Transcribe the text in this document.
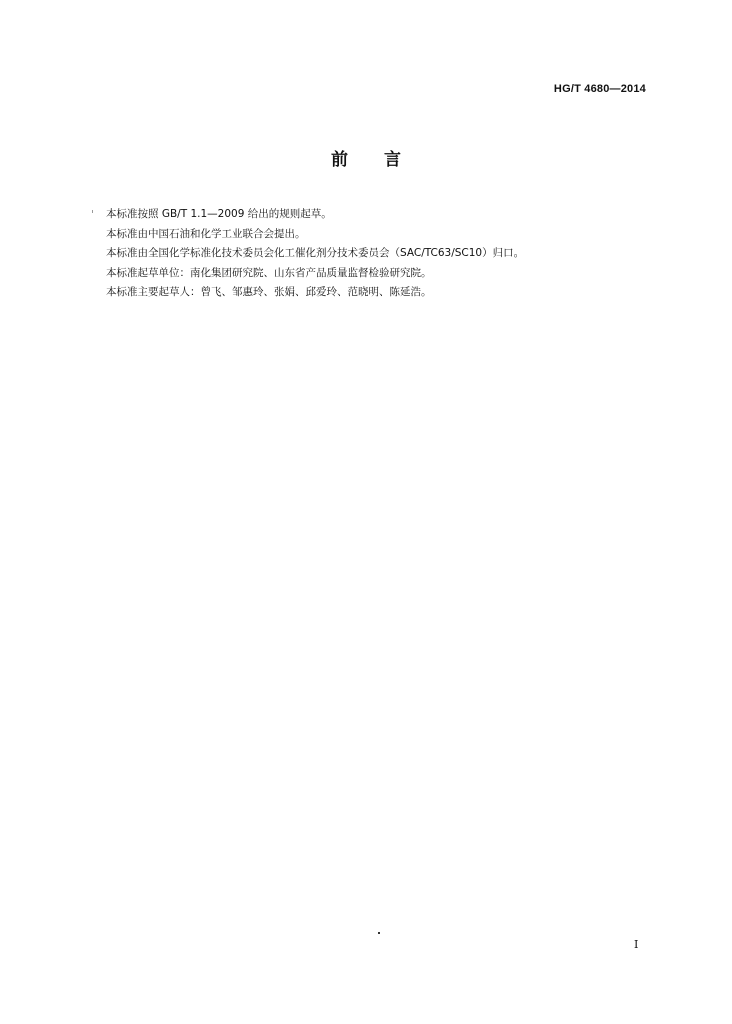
HG/T 4680—2014
前言

本标准按照 GB/T 1.1—2009 给出的规则起草。

本标准由中国石油和化学工业联合会提出。

本标准由全国化学标准化技术委员会化工催化剂分技术委员会（SAC/TC63/SC10）归口。

本标准起草单位：南化集团研究院、山东省产品质量监督检验研究院。

本标准主要起草人：曾飞、邹惠玲、张娟、邱爱玲、范晓明、陈延浩。

I
